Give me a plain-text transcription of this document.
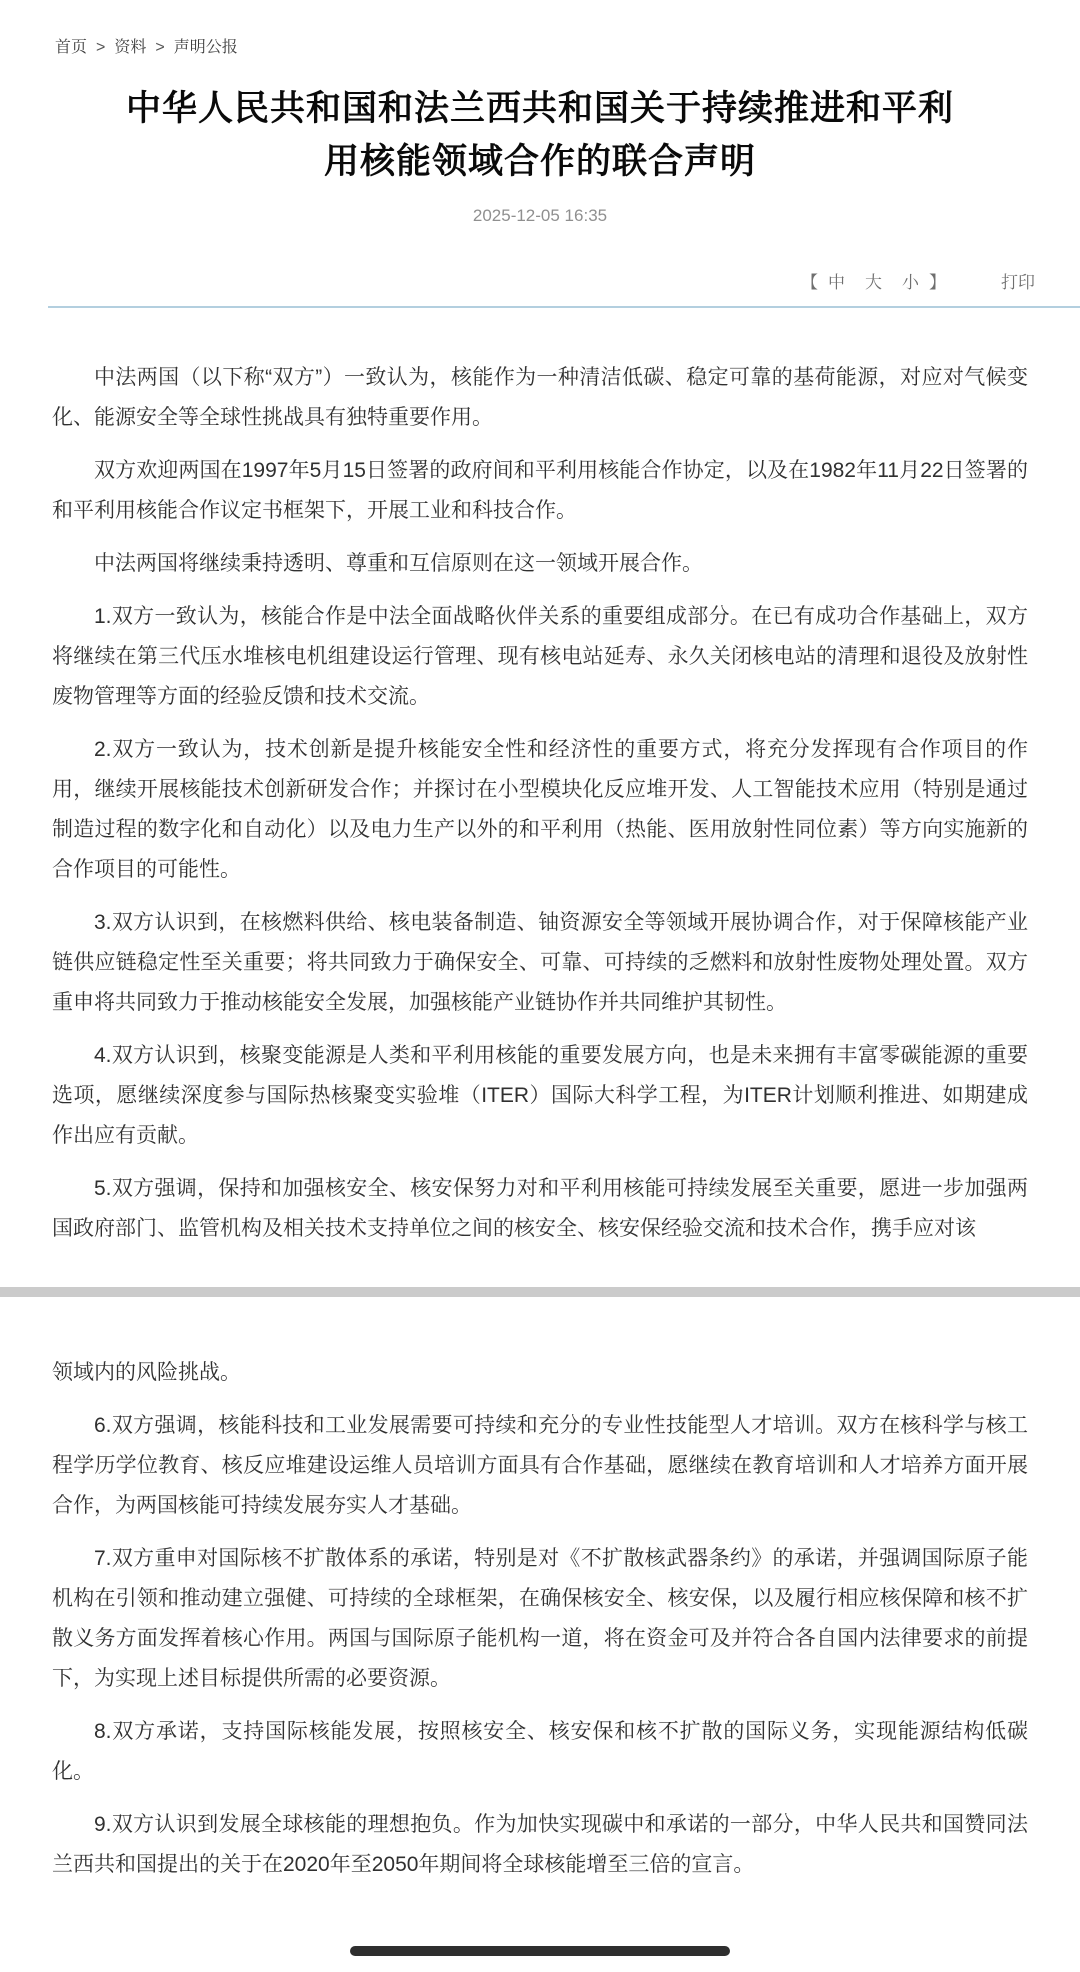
首页 > 资料 > 声明公报
中华人民共和国和法兰西共和国关于持续推进和平利用核能领域合作的联合声明
2025-12-05 16:35
【 中 大 小 】	打印

中法两国（以下称“双方”）一致认为，核能作为一种清洁低碳、稳定可靠的基荷能源，对应对气候变化、能源安全等全球性挑战具有独特重要作用。

双方欢迎两国在1997年5月15日签署的政府间和平利用核能合作协定，以及在1982年11月22日签署的和平利用核能合作议定书框架下，开展工业和科技合作。

中法两国将继续秉持透明、尊重和互信原则在这一领域开展合作。

1.双方一致认为，核能合作是中法全面战略伙伴关系的重要组成部分。在已有成功合作基础上，双方将继续在第三代压水堆核电机组建设运行管理、现有核电站延寿、永久关闭核电站的清理和退役及放射性废物管理等方面的经验反馈和技术交流。

2.双方一致认为，技术创新是提升核能安全性和经济性的重要方式，将充分发挥现有合作项目的作用，继续开展核能技术创新研发合作；并探讨在小型模块化反应堆开发、人工智能技术应用（特别是通过制造过程的数字化和自动化）以及电力生产以外的和平利用（热能、医用放射性同位素）等方向实施新的合作项目的可能性。

3.双方认识到，在核燃料供给、核电装备制造、铀资源安全等领域开展协调合作，对于保障核能产业链供应链稳定性至关重要；将共同致力于确保安全、可靠、可持续的乏燃料和放射性废物处理处置。双方重申将共同致力于推动核能安全发展，加强核能产业链协作并共同维护其韧性。

4.双方认识到，核聚变能源是人类和平利用核能的重要发展方向，也是未来拥有丰富零碳能源的重要选项，愿继续深度参与国际热核聚变实验堆（ITER）国际大科学工程，为ITER计划顺利推进、如期建成作出应有贡献。

5.双方强调，保持和加强核安全、核安保努力对和平利用核能可持续发展至关重要，愿进一步加强两国政府部门、监管机构及相关技术支持单位之间的核安全、核安保经验交流和技术合作，携手应对该

领域内的风险挑战。

6.双方强调，核能科技和工业发展需要可持续和充分的专业性技能型人才培训。双方在核科学与核工程学历学位教育、核反应堆建设运维人员培训方面具有合作基础，愿继续在教育培训和人才培养方面开展合作，为两国核能可持续发展夯实人才基础。

7.双方重申对国际核不扩散体系的承诺，特别是对《不扩散核武器条约》的承诺，并强调国际原子能机构在引领和推动建立强健、可持续的全球框架，在确保核安全、核安保，以及履行相应核保障和核不扩散义务方面发挥着核心作用。两国与国际原子能机构一道，将在资金可及并符合各自国内法律要求的前提下，为实现上述目标提供所需的必要资源。

8.双方承诺，支持国际核能发展，按照核安全、核安保和核不扩散的国际义务，实现能源结构低碳化。

9.双方认识到发展全球核能的理想抱负。作为加快实现碳中和承诺的一部分，中华人民共和国赞同法兰西共和国提出的关于在2020年至2050年期间将全球核能增至三倍的宣言。
